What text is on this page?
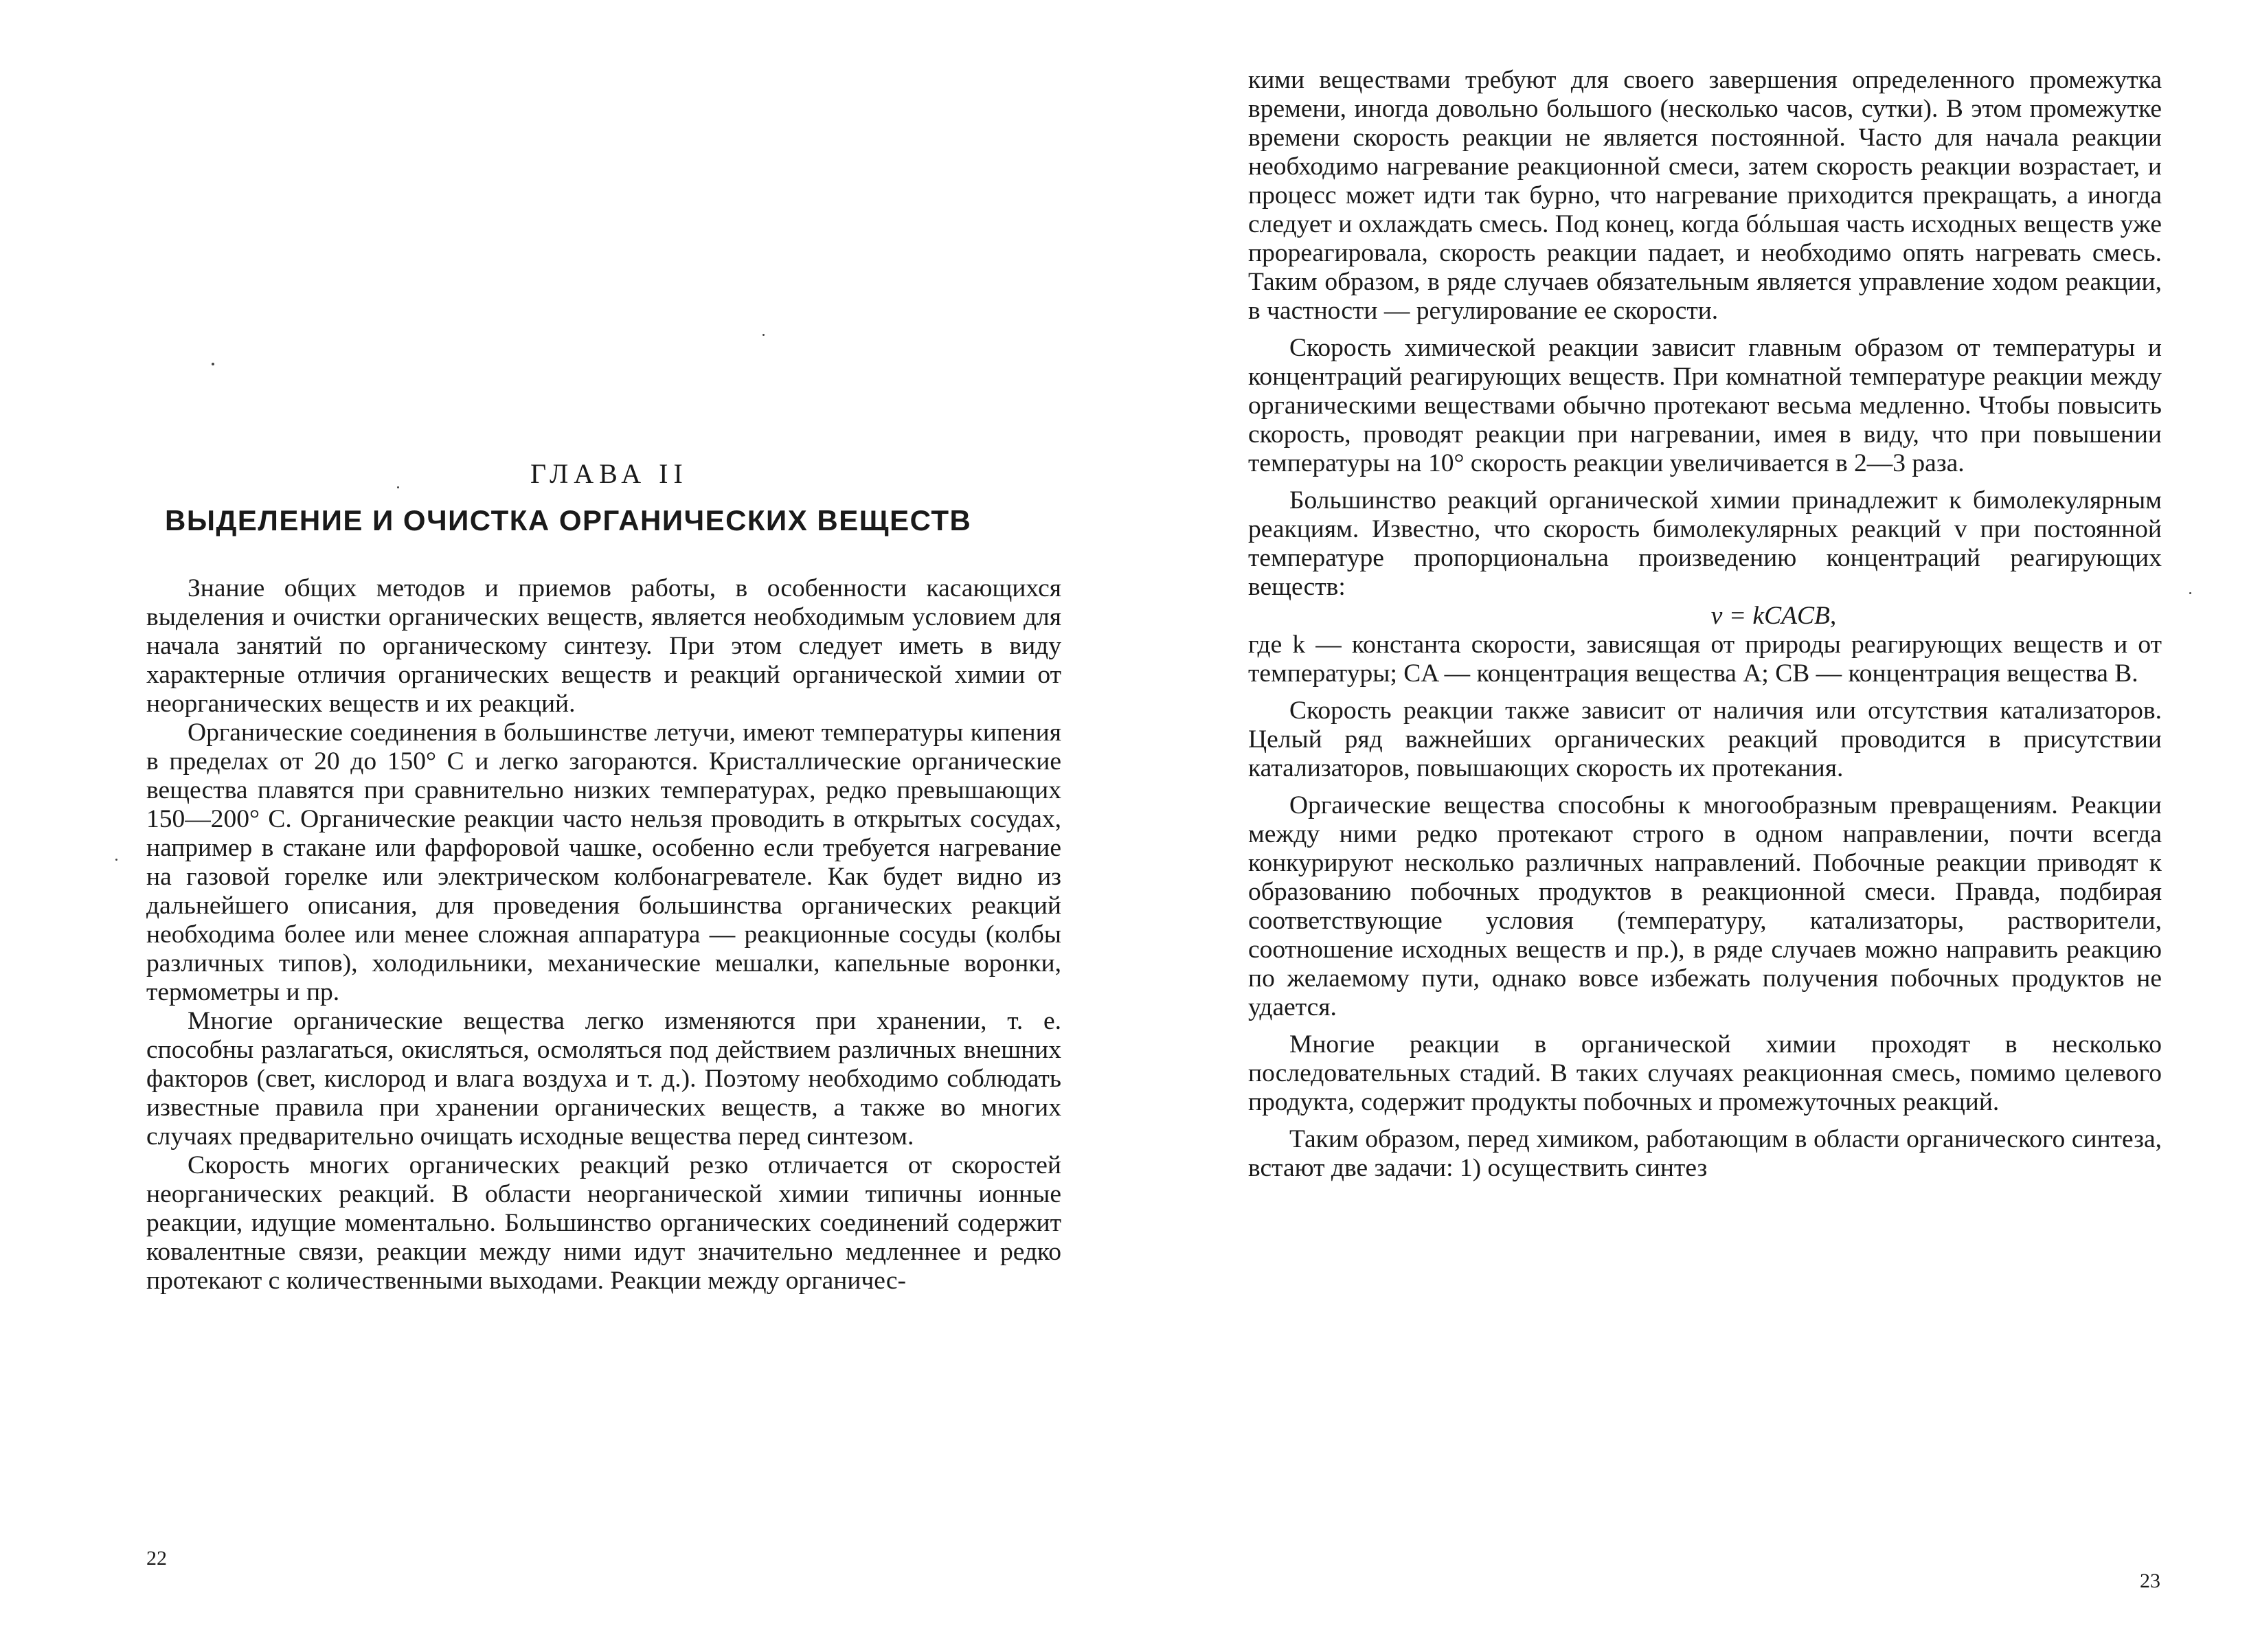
ГЛАВА II
ВЫДЕЛЕНИЕ И ОЧИСТКА ОРГАНИЧЕСКИХ ВЕЩЕСТВ

Знание общих методов и приемов работы, в особенности касающихся выделения и очистки органических веществ, является необходимым условием для начала занятий по органическому синтезу. При этом следует иметь в виду характерные отличия органических веществ и реакций органической химии от неорганических веществ и их реакций.

Органические соединения в большинстве летучи, имеют температуры кипения в пределах от 20 до 150° С и легко загораются. Кристаллические органические вещества плавятся при сравнительно низких температурах, редко превышающих 150—200° С. Органические реакции часто нельзя проводить в открытых сосудах, например в стакане или фарфоровой чашке, особенно если требуется нагревание на газовой горелке или электрическом колбонагревателе. Как будет видно из дальнейшего описания, для проведения большинства органических реакций необходима более или менее сложная аппаратура — реакционные сосуды (колбы различных типов), холодильники, механические мешалки, капельные воронки, термометры и пр.

Многие органические вещества легко изменяются при хранении, т. е. способны разлагаться, окисляться, осмоляться под действием различных внешних факторов (свет, кислород и влага воздуха и т. д.). Поэтому необходимо соблюдать известные правила при хранении органических веществ, а также во многих случаях предварительно очищать исходные вещества перед синтезом.

Скорость многих органических реакций резко отличается от скоростей неорганических реакций. В области неорганической химии типичны ионные реакции, идущие моментально. Большинство органических соединений содержит ковалентные связи, реакции между ними идут значительно медленнее и редко протекают с количественными выходами. Реакции между органичес-

22

кими веществами требуют для своего завершения определенного промежутка времени, иногда довольно большого (несколько часов, сутки). В этом промежутке времени скорость реакции не является постоянной. Часто для начала реакции необходимо нагревание реакционной смеси, затем скорость реакции возрастает, и процесс может идти так бурно, что нагревание приходится прекращать, а иногда следует и охлаждать смесь. Под конец, когда бóльшая часть исходных веществ уже прореагировала, скорость реакции падает, и необходимо опять нагревать смесь. Таким образом, в ряде случаев обязательным является управление ходом реакции, в частности — регулирование ее скорости.

Скорость химической реакции зависит главным образом от температуры и концентраций реагирующих веществ. При комнатной температуре реакции между органическими веществами обычно протекают весьма медленно. Чтобы повысить скорость, проводят реакции при нагревании, имея в виду, что при повышении температуры на 10° скорость реакции увеличивается в 2—3 раза.

Большинство реакций органической химии принадлежит к бимолекулярным реакциям. Известно, что скорость бимолекулярных реакций v при постоянной температуре пропорциональна произведению концентраций реагирующих веществ:

v = kCACB,

где k — константа скорости, зависящая от природы реагирующих веществ и от температуры; CA — концентрация вещества А; CB — концентрация вещества В.

Скорость реакции также зависит от наличия или отсутствия катализаторов. Целый ряд важнейших органических реакций проводится в присутствии катализаторов, повышающих скорость их протекания.

Оргаические вещества способны к многообразным превращениям. Реакции между ними редко протекают строго в одном направлении, почти всегда конкурируют несколько различных направлений. Побочные реакции приводят к образованию побочных продуктов в реакционной смеси. Правда, подбирая соответствующие условия (температуру, катализаторы, растворители, соотношение исходных веществ и пр.), в ряде случаев можно направить реакцию по желаемому пути, однако вовсе избежать получения побочных продуктов не удается.

Многие реакции в органической химии проходят в несколько последовательных стадий. В таких случаях реакционная смесь, помимо целевого продукта, содержит продукты побочных и промежуточных реакций.

Таким образом, перед химиком, работающим в области органического синтеза, встают две задачи: 1) осуществить синтез

23
